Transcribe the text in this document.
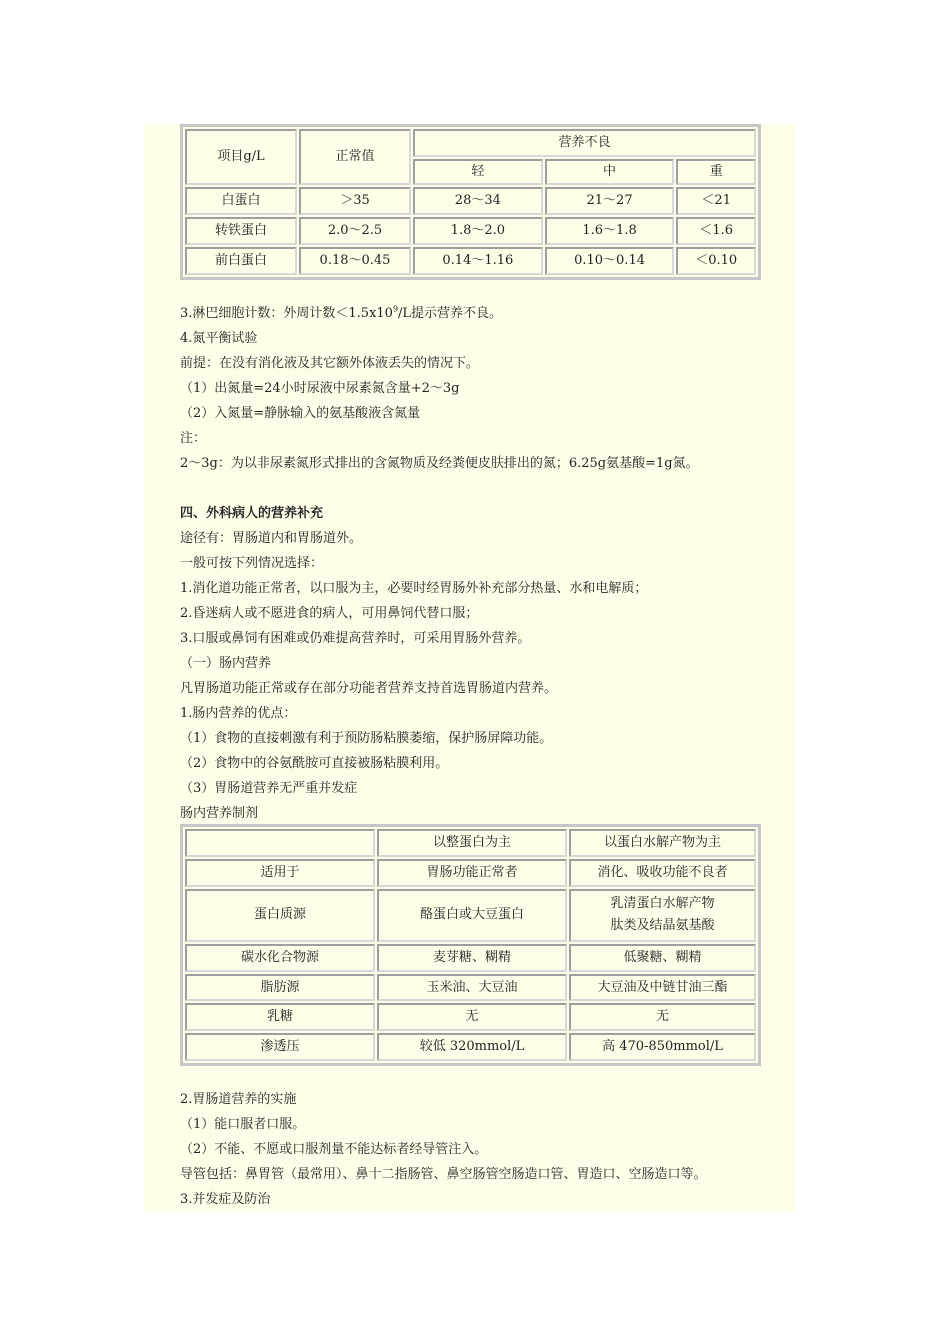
项目g/L	正常值	营养不良		
		轻	中	重
白蛋白	＞35	28～34	21～27	＜21
转铁蛋白	2.0～2.5	1.8～2.0	1.6～1.8	＜1.6
前白蛋白	0.18～0.45	0.14～1.16	0.10～0.14	＜0.10
3.淋巴细胞计数：外周计数$<1.5x10^9/L$提示营养不良。
4.氮平衡试验
前提：在没有消化液及其它额外体液丢失的情况下。
（1）出氮量=24小时尿液中尿素氮含量+2～3g
（2）入氮量=静脉输入的氨基酸液含氮量
注：
2～3g：为以非尿素氮形式排出的含氮物质及经粪便皮肤排出的氮；6.25g氨基酸=1g氮。
四、外科病人的营养补充
途径有：胃肠道内和胃肠道外。
一般可按下列情况选择：
1.消化道功能正常者，以口服为主，必要时经胃肠外补充部分热量、水和电解质；
2.昏迷病人或不愿进食的病人，可用鼻饲代替口服；
3.口服或鼻饲有困难或仍难提高营养时，可采用胃肠外营养。
（一）肠内营养
凡胃肠道功能正常或存在部分功能者营养支持首选胃肠道内营养。
1.肠内营养的优点：
（1）食物的直接刺激有利于预防肠粘膜萎缩，保护肠屏障功能。
（2）食物中的谷氨酰胺可直接被肠粘膜利用。
（3）胃肠道营养无严重并发症
肠内营养制剂
	以整蛋白为主	以蛋白水解产物为主
适用于	胃肠功能正常者	消化、吸收功能不良者
蛋白质源	酪蛋白或大豆蛋白	乳清蛋白水解产物
肽类及结晶氨基酸

碳水化合物源	麦芽糖、糊精	低聚糖、糊精
脂肪源	玉米油、大豆油	大豆油及中链甘油三酯
乳糖	无	无
渗透压	较低 320mmol/L	高 470-850mmol/L
2.胃肠道营养的实施
（1）能口服者口服。
（2）不能、不愿或口服剂量不能达标者经导管注入。
导管包括：鼻胃管（最常用）、鼻十二指肠管、鼻空肠管空肠造口管、胃造口、空肠造口等。
3.并发症及防治
